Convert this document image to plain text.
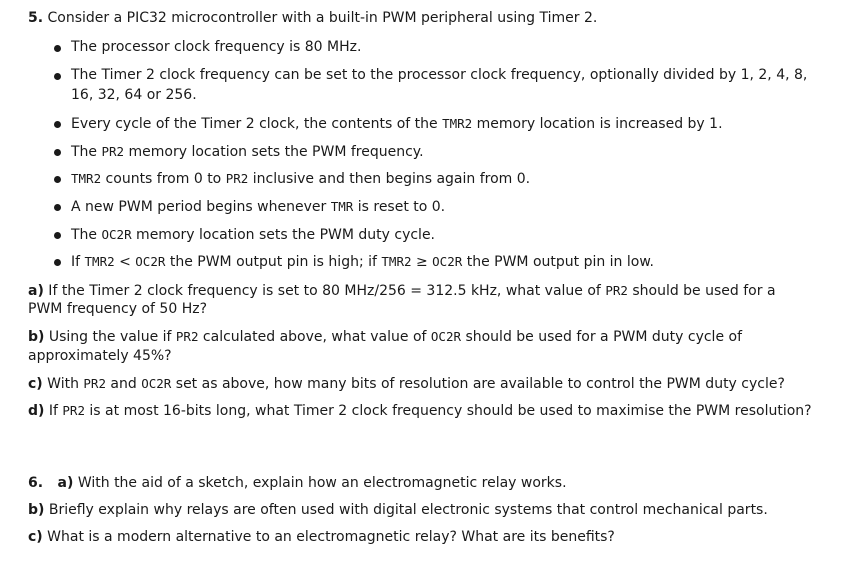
5. Consider a PIC32 microcontroller with a built-in PWM peripheral using Timer 2.
The processor clock frequency is 80 MHz.
The Timer 2 clock frequency can be set to the processor clock frequency, optionally divided by 1, 2, 4, 8,
16, 32, 64 or 256.
Every cycle of the Timer 2 clock, the contents of the TMR2 memory location is increased by 1.
The PR2 memory location sets the PWM frequency.
TMR2 counts from 0 to PR2 inclusive and then begins again from 0.
A new PWM period begins whenever TMR is reset to 0.
The OC2R memory location sets the PWM duty cycle.
If TMR2 < OC2R the PWM output pin is high; if TMR2 ≥ OC2R the PWM output pin in low.
a) If the Timer 2 clock frequency is set to 80 MHz/256 = 312.5 kHz, what value of PR2 should be used for a
PWM frequency of 50 Hz?
b) Using the value if PR2 calculated above, what value of OC2R should be used for a PWM duty cycle of
approximately 45%?
c) With PR2 and OC2R set as above, how many bits of resolution are available to control the PWM duty cycle?
d) If PR2 is at most 16-bits long, what Timer 2 clock frequency should be used to maximise the PWM resolution?
6. a) With the aid of a sketch, explain how an electromagnetic relay works.
b) Briefly explain why relays are often used with digital electronic systems that control mechanical parts.
c) What is a modern alternative to an electromagnetic relay? What are its benefits?
